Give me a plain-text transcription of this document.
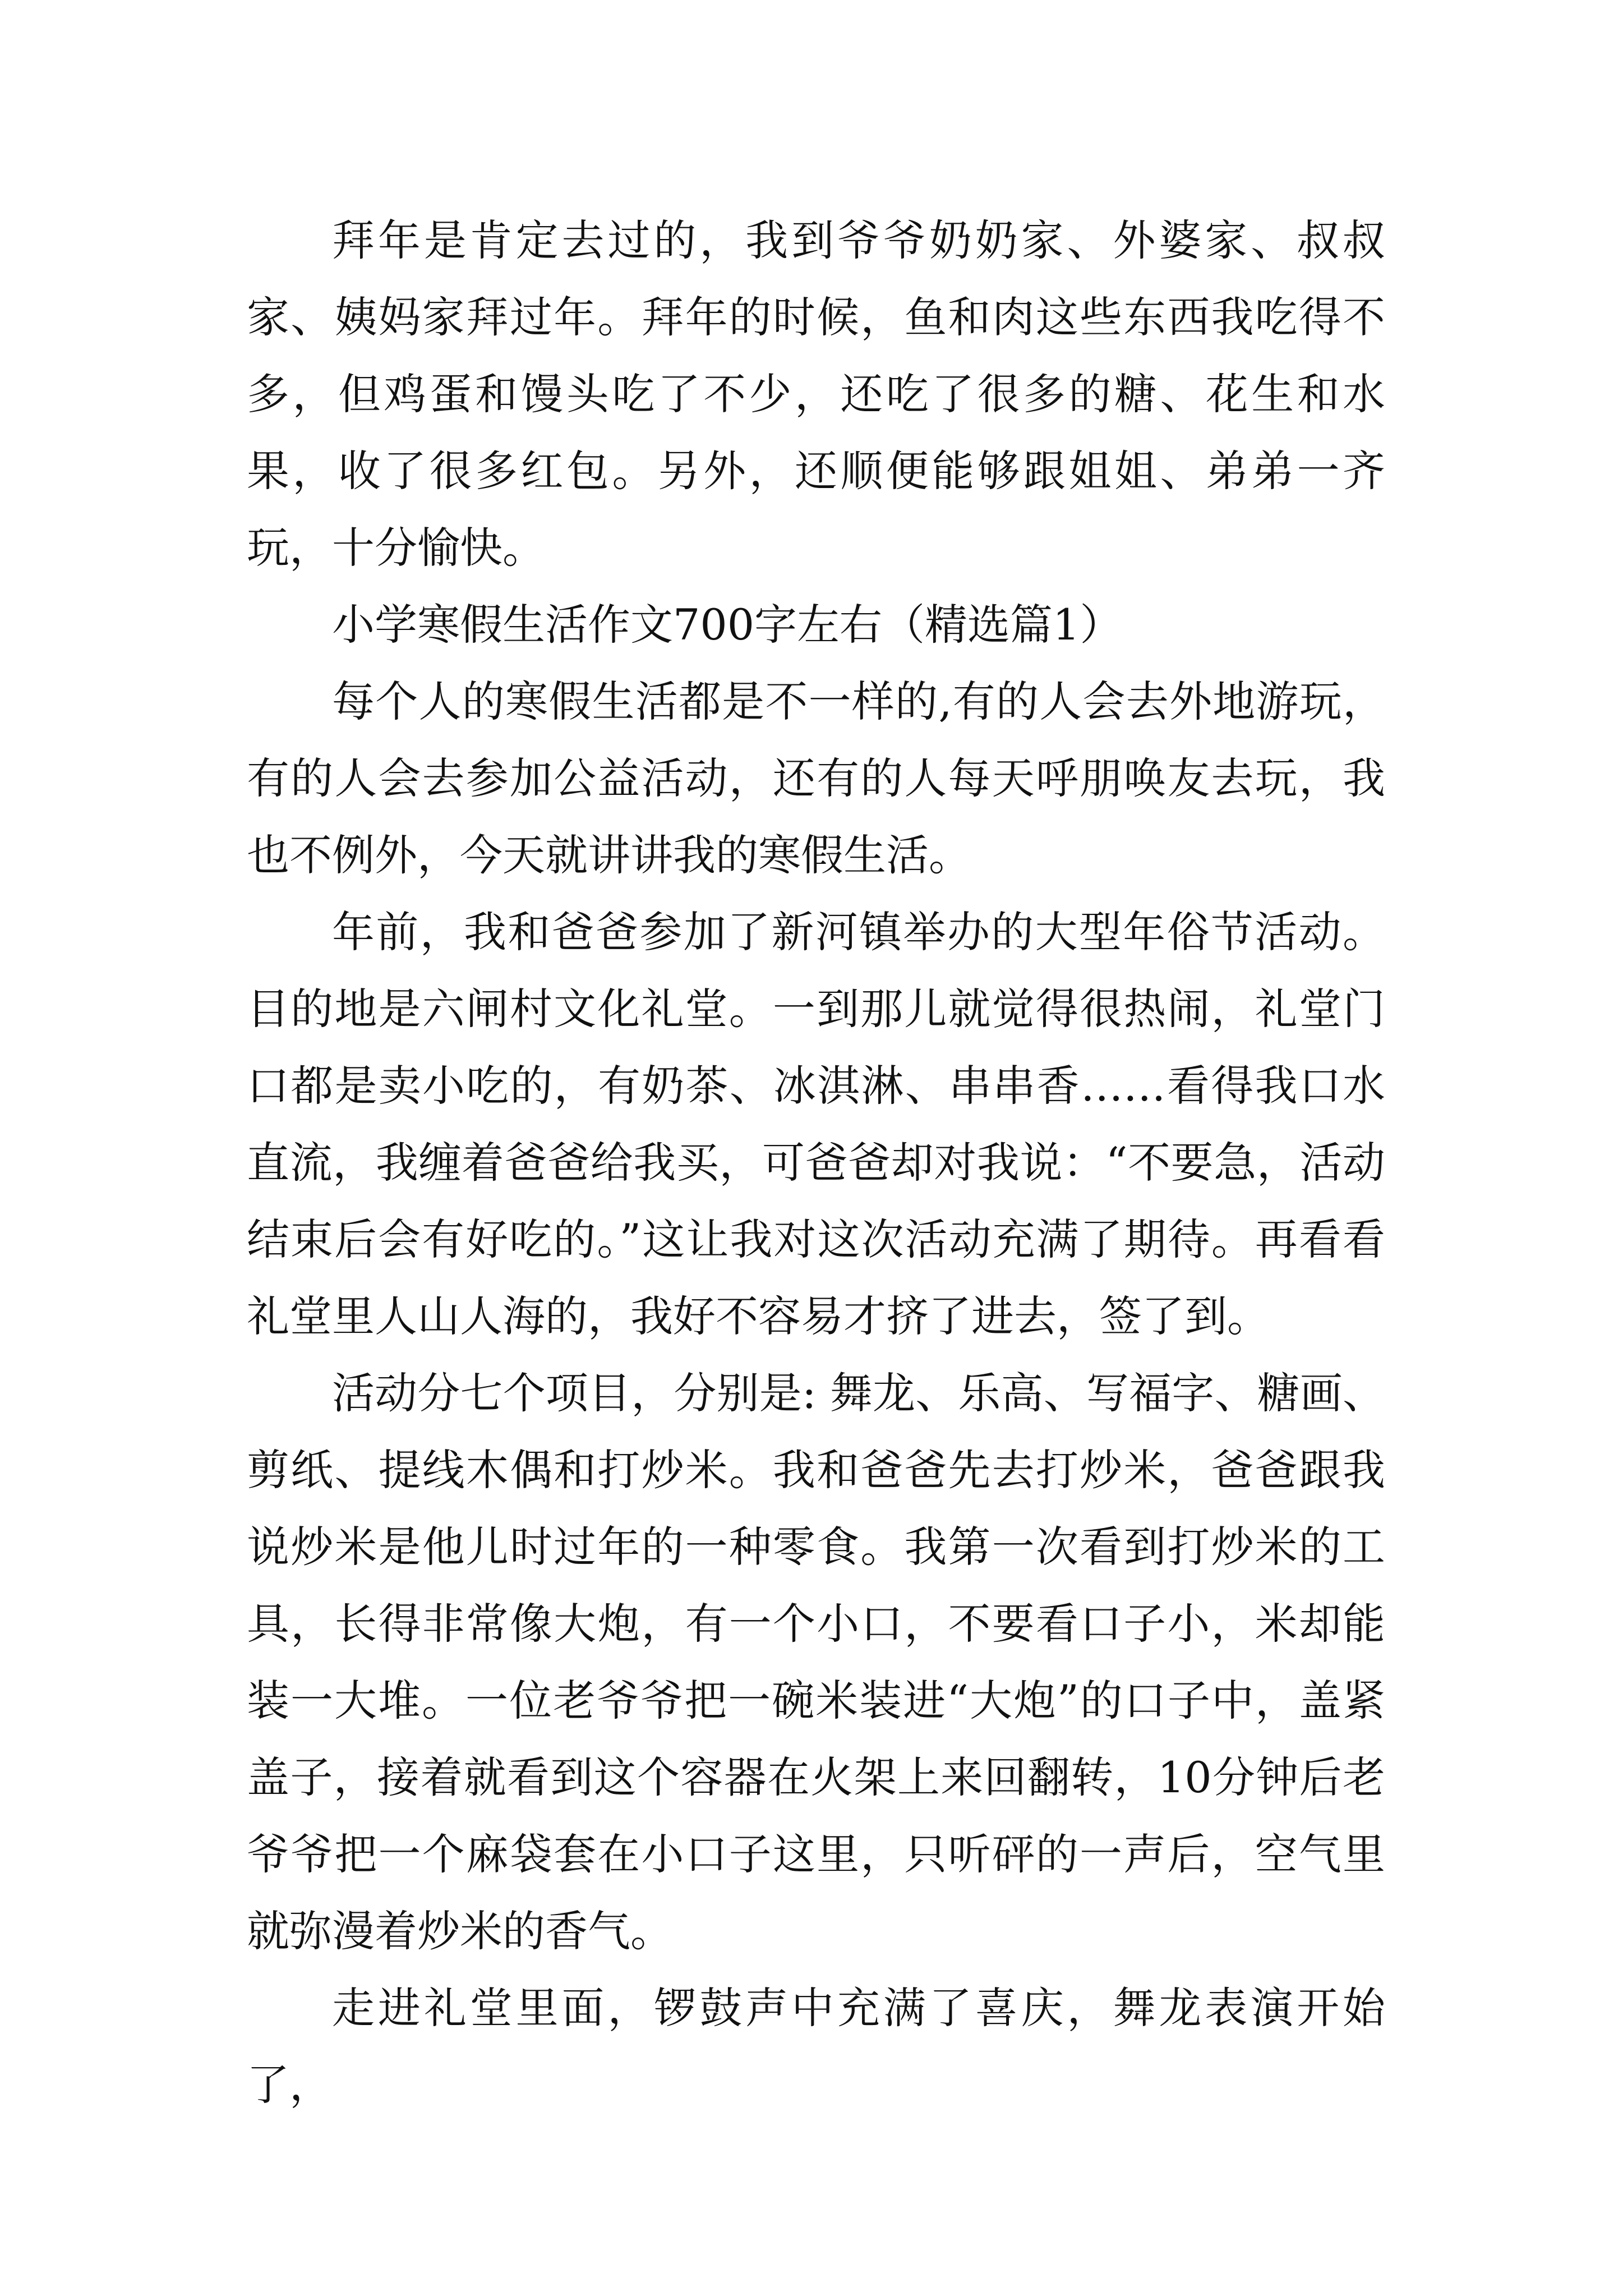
拜年是肯定去过的，我到爷爷奶奶家、外婆家、叔叔家、姨妈家拜过年。拜年的时候，鱼和肉这些东西我吃得不多，但鸡蛋和馒头吃了不少，还吃了很多的糖、花生和水果，收了很多红包。另外，还顺便能够跟姐姐、弟弟一齐玩，十分愉快。

小学寒假生活作文700字左右（精选篇1）

每个人的寒假生活都是不一样的,有的人会去外地游玩，有的人会去参加公益活动，还有的人每天呼朋唤友去玩，我也不例外，今天就讲讲我的寒假生活。

年前，我和爸爸参加了新河镇举办的大型年俗节活动。目的地是六闸村文化礼堂。一到那儿就觉得很热闹，礼堂门口都是卖小吃的，有奶茶、冰淇淋、串串香……看得我口水直流，我缠着爸爸给我买，可爸爸却对我说：“不要急，活动结束后会有好吃的。”这让我对这次活动充满了期待。再看看礼堂里人山人海的，我好不容易才挤了进去，签了到。

活动分七个项目，分别是: 舞龙、乐高、写福字、糖画、剪纸、提线木偶和打炒米。我和爸爸先去打炒米，爸爸跟我说炒米是他儿时过年的一种零食。我第一次看到打炒米的工具，长得非常像大炮，有一个小口，不要看口子小，米却能装一大堆。一位老爷爷把一碗米装进“大炮”的口子中，盖紧盖子，接着就看到这个容器在火架上来回翻转，10分钟后老爷爷把一个麻袋套在小口子这里，只听砰的一声后，空气里就弥漫着炒米的香气。

走进礼堂里面，锣鼓声中充满了喜庆，舞龙表演开始了，
